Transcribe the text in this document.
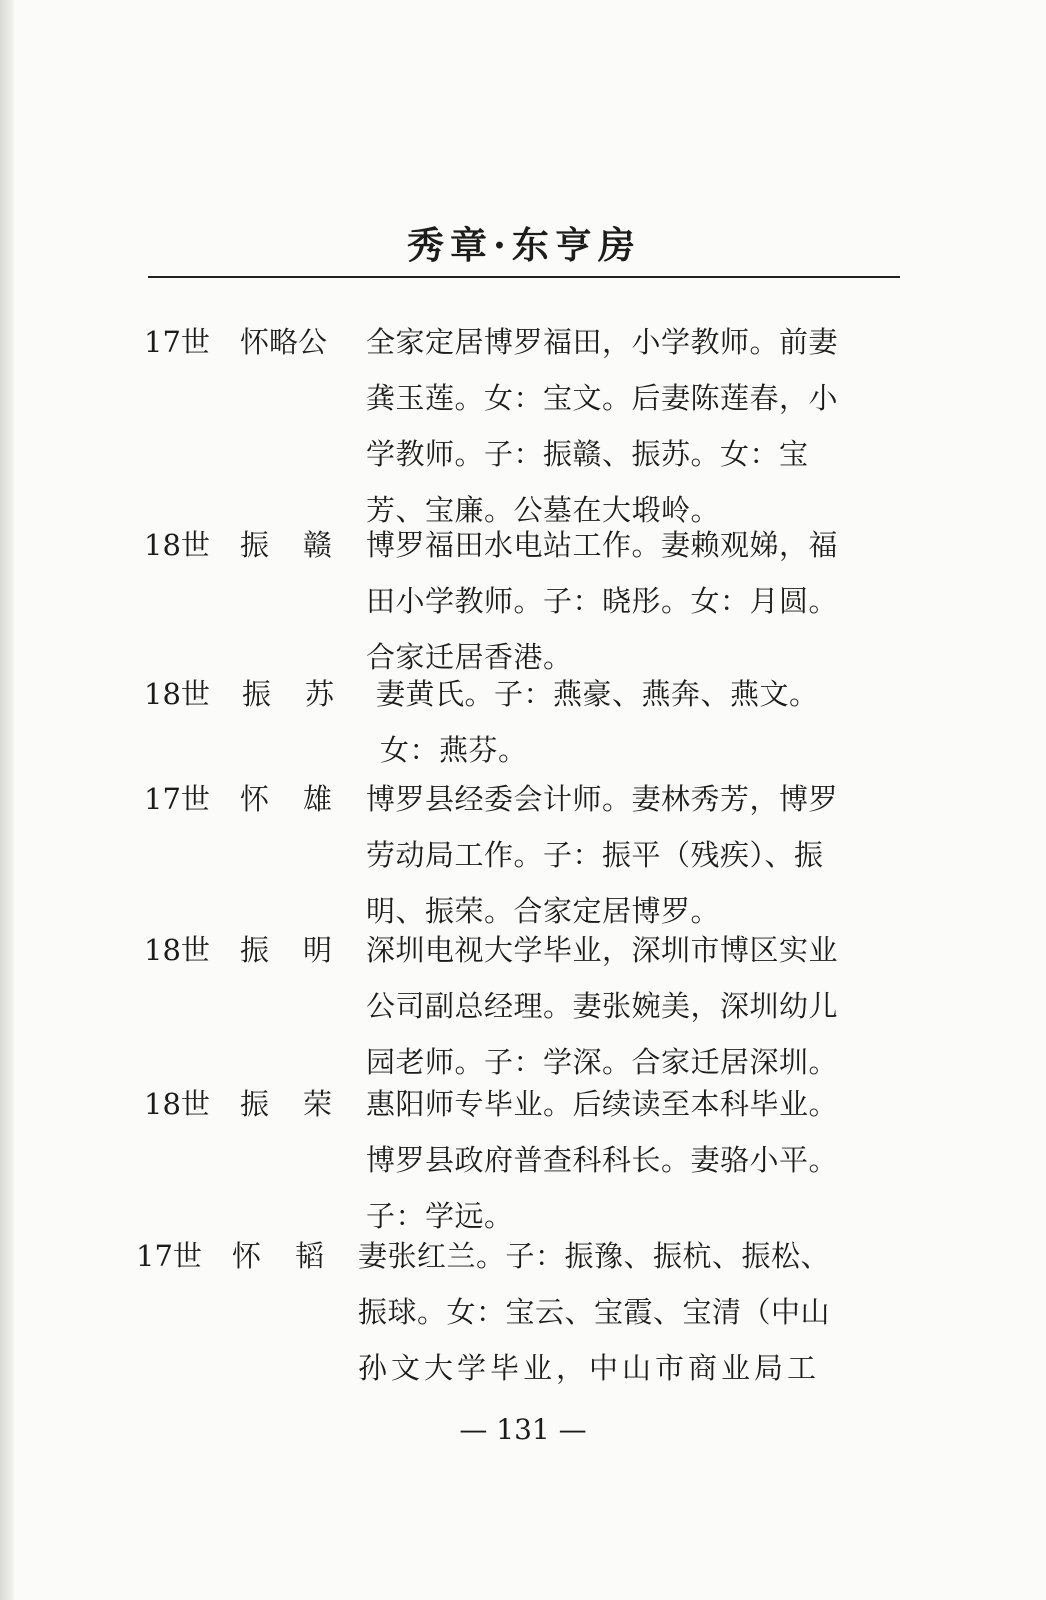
秀章·东亨房
17世 怀略公	全家定居博罗福田，小学教师。前妻
龚玉莲。女：宝文。后妻陈莲春，小
学教师。子：振赣、振苏。女：宝
芳、宝廉。公墓在大塅岭。
18世 振 赣 博罗福田水电站工作。妻赖观娣，福
田小学教师。子：晓彤。女：月圆。
合家迁居香港。
18世 振 苏 妻黄氏。子：燕豪、燕奔、燕文。
女：燕芬。
17世 怀 雄 博罗县经委会计师。妻林秀芳，博罗
劳动局工作。子：振平（残疾）、振
明、振荣。合家定居博罗。
18世 振 明 深圳电视大学毕业，深圳市博区实业
公司副总经理。妻张婉美，深圳幼儿
园老师。子：学深。合家迁居深圳。
18世 振 荣 惠阳师专毕业。后续读至本科毕业。
博罗县政府普查科科长。妻骆小平。
子：学远。
17世 怀 韬 妻张红兰。子：振豫、振杭、振松、
振球。女：宝云、宝霞、宝清（中山
孙文大学毕业，中山市商业局工
— 131 —
